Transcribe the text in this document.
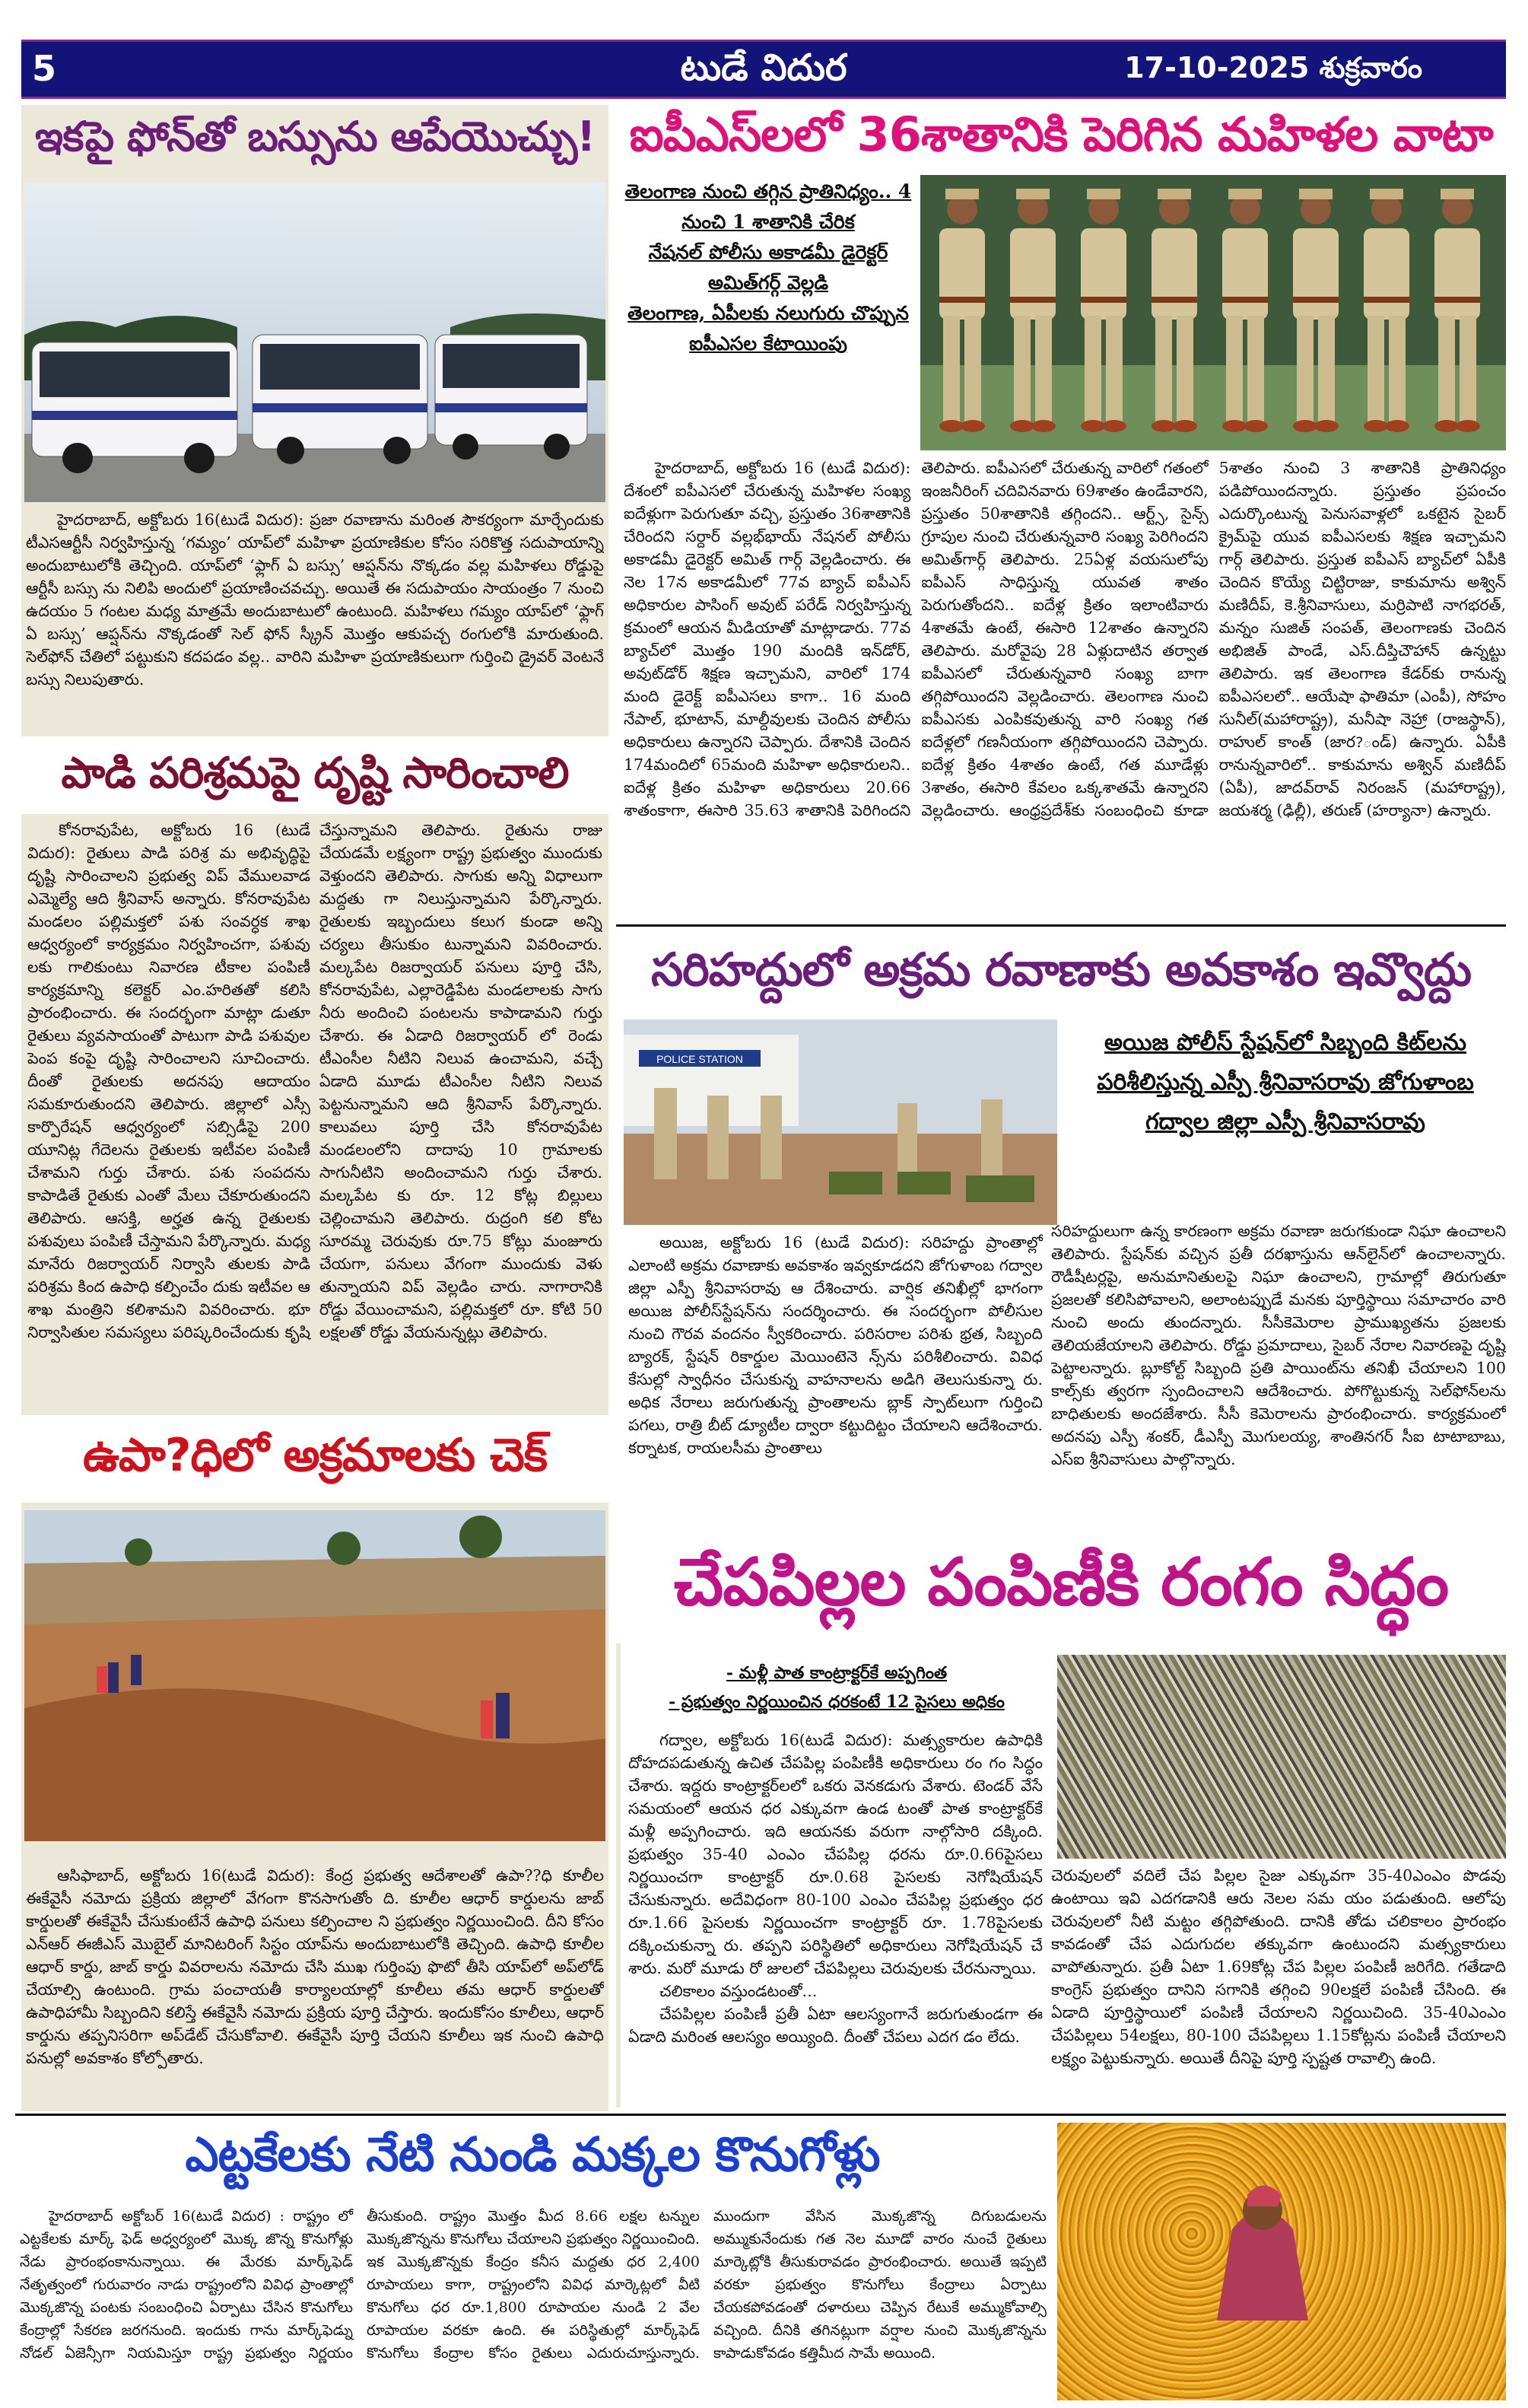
5	టుడే విదుర	17-10-2025 శుక్రవారం
ఇకపై ఫోన్‌తో బస్సును ఆపేయొచ్చు!

హైదరాబాద్, అక్టోబరు 16(టుడే విదుర): ప్రజా రవాణాను మరింత సౌకర్యంగా మార్చేందుకు టీఎస‌ఆర్టీసీ నిర్వహిస్తున్న ‘గమ్యం’ యాప్‌లో మహిళా ప్రయాణికుల కోసం సరికొత్త సదుపాయాన్ని అందుబాటులోకి తెచ్చింది. యాప్‌లో ‘ఫ్లాగ్ ఏ బస్సు’ ఆప్షన్‌ను నొక్కడం వల్ల మహిళలు రోడ్డుపై ఆర్టీసీ బస్సు ను నిలిపి అందులో ప్రయాణించవచ్చు. అయితే ఈ సదుపాయం సాయంత్రం 7 నుంచి ఉదయం 5 గంటల మధ్య మాత్రమే అందుబాటులో ఉంటుంది. మహిళలు గమ్యం యాప్‌లో ‘ఫ్లాగ్ ఏ బస్సు’ ఆప్షన్‌ను నొక్కడంతో సెల్ ఫోన్ స్క్రీన్ మొత్తం ఆకుపచ్చ రంగులోకి మారుతుంది. సెల్‌ఫోన్ చేతిలో పట్టుకుని కదపడం వల్ల.. వారిని మహిళా ప్రయాణికులుగా గుర్తించి డ్రైవర్ వెంటనే బస్సు నిలుపుతారు.

పాడి పరిశ్రమపై దృష్టి సారించాలి

కోనరావుపేట, అక్టోబరు 16 (టుడే విదుర): రైతులు పాడి పరిశ్ర మ అభివృద్ధిపై దృష్టి సారించాలని ప్రభుత్వ విప్ వేములవాడ ఎమ్మెల్యే ఆది శ్రీనివాస్ అన్నారు. కోనరావుపేట మండలం పల్లిమక్తలో పశు సంవర్ధక శాఖ ఆధ్వర్యంలో కార్యక్రమం నిర్వహించగా, పశువు లకు గాలికుంటు నివారణ టీకాల పంపిణీ కార్యక్రమాన్ని కలెక్టర్ ఎం.హరితతో కలిసి ప్రారంభించారు. ఈ సందర్భంగా మాట్లా డుతూ రైతులు వ్యవసాయంతో పాటుగా పాడి పశువుల పెంప కంపై దృష్టి సారించాలని సూచించారు. దీంతో రైతులకు అదనపు ఆదాయం సమకూరుతుందని తెలిపారు. జిల్లాలో ఎస్సీ కార్పొరేషన్ ఆధ్వర్యంలో సబ్సిడీపై 200 యూనిట్ల గేదెలను రైతులకు ఇటీవల పంపిణీ చేశామని గుర్తు చేశారు. పశు సంపదను కాపాడితే రైతుకు ఎంతో మేలు చేకూరుతుందని తెలిపారు. ఆసక్తి, అర్హత ఉన్న రైతులకు పశువులు పంపిణీ చేస్తామని పేర్కొన్నారు. మధ్య మానేరు రిజర్వాయర్ నిర్వాసి తులకు పాడి పరిశ్రమ కింద ఉపాధి కల్పించేం దుకు ఇటీవల ఆ శాఖ మంత్రిని కలిశామని వివరించారు. భూ నిర్వాసితుల సమస్యలు పరిష్కరించేందుకు కృషి చేస్తున్నామని తెలిపారు. రైతును రాజు చేయడమే లక్ష్యంగా రాష్ట్ర ప్రభుత్వం ముందుకు వెళ్తుందని తెలిపారు. సాగుకు అన్ని విధాలుగా మద్దతు గా నిలుస్తున్నామని పేర్కొన్నారు. రైతులకు ఇబ్బందులు కలుగ కుండా అన్ని చర్యలు తీసుకుం టున్నామని వివరించారు. మల్కపేట రిజర్వాయర్ పనులు పూర్తి చేసి, కోనరావుపేట, ఎల్లారెడ్డిపేట మండలాలకు సాగు నీరు అందించి పంటలను కాపాడామని గుర్తు చేశారు. ఈ ఏడాది రిజర్వాయర్ లో రెండు టీఎంసీల నీటిని నిలువ ఉంచామని, వచ్చే ఏడాది మూడు టీఎంసీల నీటిని నిలువ పెట్టనున్నామని ఆది శ్రీనివాస్ పేర్కొన్నారు. కాలువలు పూర్తి చేసి కోనరావుపేట మండలంలోని దాదాపు 10 గ్రామాలకు సాగునీటిని అందించామని గుర్తు చేశారు. మల్కపేట కు రూ. 12 కోట్ల బిల్లులు చెల్లించామని తెలిపారు. రుద్రంగి కలి కోట సూరమ్మ చెరువుకు రూ.75 కోట్లు మంజూరు చేయగా, పనులు వేగంగా ముందుకు వెళు తున్నాయని విప్ వెల్లడిం చారు. నాగారానికి రోడ్డు వేయించామని, పల్లిమక్తలో రూ. కోటి 50 లక్షలతో రోడ్డు వేయనున్నట్లు తెలిపారు.

ఉపా?ధిలో అక్రమాలకు చెక్

ఆసిఫాబాద్, అక్టోబరు 16(టుడే విదుర): కేంద్ర ప్రభుత్వ ఆదేశాలతో ఉపా??ధి కూలీల ఈకేవైసీ నమోదు ప్రక్రియ జిల్లాలో వేగంగా కొనసాగుతోం ది. కూలీల ఆధార్ కార్డులను జాబ్ కార్డులతో ఈకేవైసీ చేసుకుంటేనే ఉపాధి పనులు కల్పించాల ని ప్రభుత్వం నిర్ణయించింది. దీని కోసం ఎన్ఆర్ ఈజీఎస్ మొబైల్ మానిటరింగ్ సిస్టం యాప్‌ను అందుబాటులోకి తెచ్చింది. ఉపాధి కూలీల ఆధార్ కార్డు, జాబ్ కార్డు వివరాలను నమోదు చేసి ముఖ గుర్తింపు ఫొటో తీసి యాప్‌లో అప్‌లోడ్ చేయాల్సి ఉంటుంది. గ్రామ పంచాయతీ కార్యాలయాల్లో కూలీలు తమ ఆధార్ కార్డులతో ఉపాధిహామీ సిబ్బందిని కలిస్తే ఈకేవైసీ నమోదు ప్రక్రియ పూర్తి చేస్తారు. ఇందుకోసం కూలీలు, ఆధార్ కార్డును తప్పనిసరిగా అప్‌డేట్ చేసుకోవాలి. ఈకేవైసీ పూర్తి చేయని కూలీలు ఇక నుంచి ఉపాధి పనుల్లో అవకాశం కోల్పోతారు.

ఐపీఎస్‌లలో 36శాతానికి పెరిగిన మహిళల వాటా
తెలంగాణ నుంచి తగ్గిన ప్రాతినిధ్యం.. 4 నుంచి 1 శాతానికి చేరిక
నేషనల్ పోలీసు అకాడమీ డైరెక్టర్ అమిత్‌గర్గ్ వెల్లడి
తెలంగాణ, ఏపీలకు నలుగురు చొప్పున ఐపీఎస‌ల కేటాయింపు

హైదరాబాద్, అక్టోబరు 16 (టుడే విదుర): దేశంలో ఐపీఎస‌లో చేరుతున్న మహిళల సంఖ్య ఐదేళ్లుగా పెరుగుతూ వచ్చి, ప్రస్తుతం 36శాతానికి చేరిందని సర్దార్ వల్లభ్‌భాయ్ నేషనల్ పోలీసు అకాడమీ డైరెక్టర్ అమిత్ గార్గ్ వెల్లడించారు. ఈ నెల 17న అకాడమీలో 77వ బ్యాచ్ ఐపీఎస్ అధికారుల పాసింగ్ అవుట్ పరేడ్ నిర్వహిస్తున్న క్రమంలో ఆయన మీడియాతో మాట్లాడారు. 77వ బ్యాచ్‌లో మొత్తం 190 మందికి ఇన్‌డోర్, అవుట్‌డోర్ శిక్షణ ఇచ్చామని, వారిలో 174 మంది డైరెక్ట్ ఐపీఎస‌లు కాగా.. 16 మంది నేపాల్, భూటాన్, మాల్దీవులకు చెందిన పోలీసు అధికారులు ఉన్నారని చెప్పారు. దేశానికి చెందిన 174మందిలో 65మంది మహిళా అధికారులని.. ఐదేళ్ల క్రితం మహిళా అధికారులు 20.66 శాతంకాగా, ఈసారి 35.63 శాతానికి పెరిగిందని తెలిపారు. ఐపీఎస‌లో చేరుతున్న వారిలో గతంలో ఇంజనీరింగ్ చదివినవారు 69శాతం ఉండేవారని, ప్రస్తుతం 50శాతానికి తగ్గిందని.. ఆర్ట్స్, సైన్స్ గ్రూపుల నుంచి చేరుతున్నవారి సంఖ్య పెరిగిందని అమిత్‌గార్గ్ తెలిపారు. 25ఏళ్ల వయసులోపు ఐపీఎస్ సాధిస్తున్న యువత శాతం పెరుగుతోందని.. ఐదేళ్ల క్రితం ఇలాంటివారు 4శాతమే ఉంటే, ఈసారి 12శాతం ఉన్నారని తెలిపారు. మరోవైపు 28 ఏళ్లుదాటిన తర్వాత ఐపీఎస‌లో చేరుతున్నవారి సంఖ్య బాగా తగ్గిపోయిందని వెల్లడించారు. తెలంగాణ నుంచి ఐపీఎస‌కు ఎంపికవుతున్న వారి సంఖ్య గత ఐదేళ్లలో గణనీయంగా తగ్గిపోయిందని చెప్పారు. ఐదేళ్ల క్రితం 4శాతం ఉంటే, గత మూడేళ్లు 3శాతం, ఈసారి కేవలం ఒక్కశాతమే ఉన్నారని వెల్లడించారు. ఆంధ్రప్రదేశ్‌కు సంబంధించి కూడా 5శాతం నుంచి 3 శాతానికి ప్రాతినిధ్యం పడిపోయిందన్నారు. ప్రస్తుతం ప్రపంచం ఎదుర్కొంటున్న పెనుసవాళ్లలో ఒకటైన సైబర్ క్రైమ్‌పై యువ ఐపీఎస‌లకు శిక్షణ ఇచ్చామని గార్గ్ తెలిపారు. ప్రస్తుత ఐపీఎస్ బ్యాచ్‌లో ఏపీకి చెందిన కొయ్యే చిట్టిరాజు, కాకుమాను అశ్విన్ మణిదీప్, కె.శ్రీనివాసులు, మర్రిపాటి నాగభరత్, మన్నం సుజిత్ సంపత్, తెలంగాణకు చెందిన అభిజిత్ పాండే, ఎస్.దీప్తిచౌహాన్ ఉన్నట్టు తెలిపారు. ఇక తెలంగాణ కేడర్‌కు రానున్న ఐపీఎస‌లలో.. ఆయేషా ఫాతిమా (ఎంపీ), సోహం సునీల్(మహారాష్ట్ర), మనీషా నెహ్రా (రాజస్థాన్), రాహుల్ కాంత్ (జార?ండ్) ఉన్నారు. ఏపీకి రానున్నవారిలో.. కాకుమాను అశ్విన్ మణిదీప్ (ఏపీ), జాదవ్‌రావ్ నిరంజన్ (మహారాష్ట్ర), జయశర్మ (ఢిల్లీ), తరుణ్ (హర్యానా) ఉన్నారు.

సరిహద్దులో అక్రమ రవాణాకు అవకాశం ఇవ్వొద్దు
POLICE STATION
అయిజ పోలీస్ స్టేషన్‌లో సిబ్బంది కిట్‌లను పరిశీలిస్తున్న ఎస్పీ శ్రీనివాసరావు జోగుళాంబ గద్వాల జిల్లా ఎస్పీ శ్రీనివాసరావు

అయిజ, అక్టోబరు 16 (టుడే విదుర): సరిహద్దు ప్రాంతాల్లో ఎలాంటి అక్రమ రవాణాకు అవకాశం ఇవ్వకూడదని జోగుళాంబ గద్వాల జిల్లా ఎస్పీ శ్రీనివాసరావు ఆ దేశించారు. వార్షిక తనిఖీల్లో భాగంగా అయిజ పోలీస్‌స్టేషన్‌ను సందర్శించారు. ఈ సందర్భంగా పోలీసుల నుంచి గౌరవ వందనం స్వీకరించారు. పరిసరాల పరిశు భ్రత, సిబ్బంది బ్యారక్, స్టేషన్ రికార్డుల మెయింటెనె న్స్‌ను పరిశీలించారు. వివిధ కేసుల్లో స్వాధీనం చేసుకున్న వాహనాలను అడిగి తెలుసుకున్నా రు. అధిక నేరాలు జరుగుతున్న ప్రాంతాలను బ్లాక్ స్పాట్‌లుగా గుర్తించి పగలు, రాత్రి బీట్ డ్యూటీల ద్వారా కట్టుదిట్టం చేయాలని ఆదేశించారు. కర్నాటక, రాయలసీమ ప్రాంతాలు

సరిహద్దులుగా ఉన్న కారణంగా అక్రమ రవాణా జరుగకుండా నిఘా ఉంచాలని తెలిపారు. స్టేషన్‌కు వచ్చిన ప్రతీ దరఖాస్తును ఆన్‌లైన్‌లో ఉంచాలన్నారు. రౌడీషీటర్లపై, అనుమానితులపై నిఘా ఉంచాలని, గ్రామాల్లో తిరుగుతూ ప్రజలతో కలిసిపోవాలని, అలాంటప్పుడే మనకు పూర్తిస్థాయి సమాచారం వారి నుంచి అందు తుందన్నారు. సీసీకెమెరాల ప్రాముఖ్యతను ప్రజలకు తెలియజేయాలని తెలిపారు. రోడ్డు ప్రమాదాలు, సైబర్ నేరాల నివారణపై దృష్టి పెట్టాలన్నారు. బ్లూకోల్ట్ సిబ్బంది ప్రతి పాయింట్‌ను తనిఖీ చేయాలని 100 కాల్స్‌కు త్వరగా స్పందించాలని ఆదేశించారు. పోగొట్టుకున్న సెల్‌ఫోన్‌లను బాధితులకు అందజేశారు. సీసీ కెమెరాలను ప్రారంభించారు. కార్యక్రమంలో అదనపు ఎస్పీ శంకర్, డీఎస్పీ మొగులయ్య, శాంతినగర్ సీఐ టాటాబాబు, ఎస్ఐ శ్రీనివాసులు పాల్గొన్నారు.

చేపపిల్లల పంపిణీకి రంగం సిద్ధం
- మళ్లీ పాత కాంట్రాక్టర్‌కే అప్పగింత
- ప్రభుత్వం నిర్ణయించిన ధరకంటే 12 పైసలు అధికం

గద్వాల, అక్టోబరు 16(టుడే విదుర): మత్స్యకారుల ఉపాధికి దోహదపడుతున్న ఉచిత చేపపిల్ల పంపిణీకి అధికారులు రం గం సిద్ధం చేశారు. ఇద్దరు కాంట్రాక్టర్‌లలో ఒకరు వెనకడుగు వేశారు. టెండర్ వేసే సమయంలో ఆయన ధర ఎక్కువగా ఉండ టంతో పాత కాంట్రాక్టర్‌కే మళ్లీ అప్పగించారు. ఇది ఆయనకు వరుగా నాల్గోసారి దక్కింది. ప్రభుత్వం 35-40 ఎంఎం చేపపిల్ల ధరను రూ.0.66పైసలు నిర్ణయించగా కాంట్రాక్టర్ రూ.0.68 పైసలకు నెగోషియేషన్ చేసుకున్నారు. అదేవిధంగా 80-100 ఎంఎం చేపపిల్ల ప్రభుత్వం ధర రూ.1.66 పైసలకు నిర్ణయించగా కాంట్రాక్టర్ రూ. 1.78పైసలకు దక్కించుకున్నా రు. తప్పని పరిస్థితిలో అధికారులు నెగోషియేషన్ చే శారు. మరో మూడు రో జులలో చేపపిల్లలు చెరువులకు చేరనున్నాయి.

చలికాలం వస్తుండటంతో...

చేపపిల్లల పంపిణీ ప్రతీ ఏటా ఆలస్యంగానే జరుగుతుండగా ఈ ఏడాది మరింత ఆలస్యం అయ్యింది. దీంతో చేపలు ఎదగ డం లేదు.

చెరువులలో వదిలే చేప పిల్లల సైజు ఎక్కువగా 35-40ఎంఎం పొడవు ఉంటాయి ఇవి ఎదగడానికి ఆరు నెలల సమ యం పడుతుంది. ఆలోపు చెరువులలో నీటి మట్టం తగ్గిపోతుంది. దానికి తోడు చలికాలం ప్రారంభం కావడంతో చేప ఎదుగుదల తక్కువగా ఉంటుందని మత్స్యకారులు వాపోతున్నారు. ప్రతీ ఏటా 1.69కోట్ల చేప పిల్లల పంపిణీ జరిగేది. గతేడాది కాంగ్రెస్ ప్రభుత్వం దానిని సగానికి తగ్గించి 90లక్షలే పంపిణీ చేసింది. ఈ ఏడాది పూర్తిస్థాయిలో పంపిణీ చేయాలని నిర్ణయిచింది. 35-40ఎంఎం చేపపిల్లలు 54లక్షలు, 80-100 చేపపిల్లలు 1.15కోట్లను పంపిణీ చేయాలని లక్ష్యం పెట్టుకున్నారు. అయితే దీనిపై పూర్తి స్పష్టత రావాల్సి ఉంది.

ఎట్టకేలకు నేటి నుండి మక్కల కొనుగోళ్లు

హైదరాబాద్ అక్టోబర్ 16(టుడే విదుర) : రాష్ట్రం లో ఎట్టకేలకు మార్క్ ఫెడ్ అధ్వర్యంలో మొక్క జొన్న కొనుగోళ్లు నేడు ప్రారంభంకానున్నాయి. ఈ మేరకు మార్క్‌ఫెడ్ నేతృత్వంలో గురువారం నాడు రాష్ట్రంలోని వివిధ ప్రాంతాల్లో మొక్కజొన్న పంటకు సంబంధించి ఏర్పాటు చేసిన కొనుగోలు కేంద్రాల్లో సేకరణ జరగనుంది. ఇందుకు గాను మార్క్‌ఫెడ్ను నోడల్ ఏజెన్సీగా నియమిస్తూ రాష్ట్ర ప్రభుత్వం నిర్ణయం తీసుకుంది. రాష్ట్రం మొత్తం మీద 8.66 లక్షల టన్నుల మొక్కజొన్నను కొనుగోలు చేయాలని ప్రభుత్వం నిర్ణయించింది. ఇక మొక్కజొన్నకు కేంద్రం కనీస మద్దతు ధర 2,400 రూపాయలు కాగా, రాష్ట్రంలోని వివిధ మార్కెట్లలో వీటి కొనుగోలు ధర రూ.1,800 రూపాయల నుండి 2 వేల రూపాయల వరకూ ఉంది. ఈ పరిస్థితుల్లో మార్క్‌ఫెడ్ కొనుగోలు కేంద్రాల కోసం రైతులు ఎదురుచూస్తున్నారు. ముందుగా వేసిన మొక్కజొన్న దిగుబడులను అమ్ముకునేందుకు గత నెల మూడో వారం నుంచే రైతులు మార్కెట్లోకి తీసుకురావడం ప్రారంభించారు. అయితే ఇప్పటి వరకూ ప్రభుత్వం కొనుగోలు కేంద్రాలు ఏర్పాటు చేయకపోవడంతో దళారులు చెప్పిన రేటుకే అమ్ముకోవాల్సి వచ్చింది. దీనికి తగినట్లుగా వర్షాల నుంచి మొక్కజొన్నను కాపాడుకోవడం కత్తిమీద సామే అయింది.
